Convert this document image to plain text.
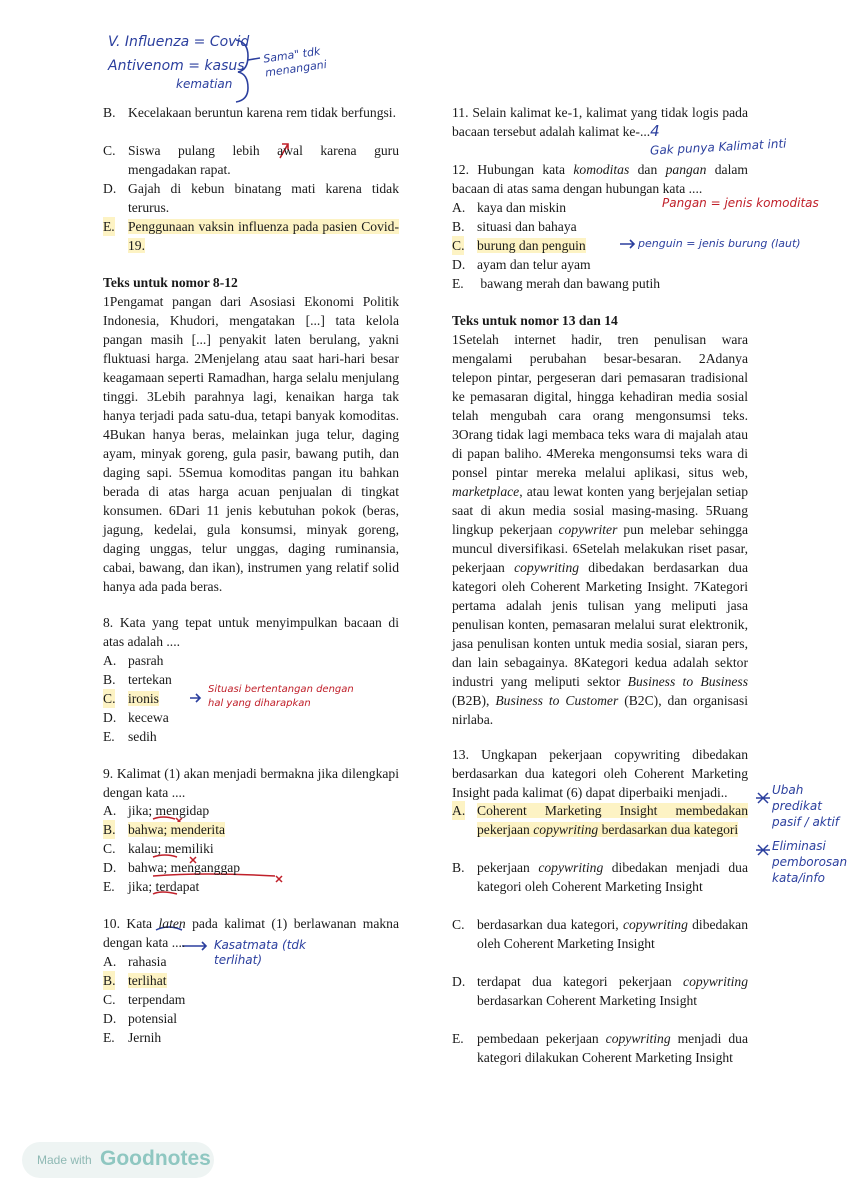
V. Influenza = Covid
Antivenom = kasus
kematian
Sama" tdk menangani
B. Kecelakaan beruntun karena rem tidak berfungsi.
C. Siswa pulang lebih awal karena guru mengadakan rapat.
D. Gajah di kebun binatang mati karena tidak terurus.
E. Penggunaan vaksin influenza pada pasien Covid-19.
Teks untuk nomor 8-12
1Pengamat pangan dari Asosiasi Ekonomi Politik Indonesia, Khudori, mengatakan [...] tata kelola pangan masih [...] penyakit laten berulang, yakni fluktuasi harga. 2Menjelang atau saat hari-hari besar keagamaan seperti Ramadhan, harga selalu menjulang tinggi. 3Lebih parahnya lagi, kenaikan harga tak hanya terjadi pada satu-dua, tetapi banyak komoditas. 4Bukan hanya beras, melainkan juga telur, daging ayam, minyak goreng, gula pasir, bawang putih, dan daging sapi. 5Semua komoditas pangan itu bahkan berada di atas harga acuan penjualan di tingkat konsumen. 6Dari 11 jenis kebutuhan pokok (beras, jagung, kedelai, gula konsumsi, minyak goreng, daging unggas, telur unggas, daging ruminansia, cabai, bawang, dan ikan), instrumen yang relatif solid hanya ada pada beras.
8. Kata yang tepat untuk menyimpulkan bacaan di atas adalah ....
A. pasrah
B. tertekan
C. ironis
D. kecewa
E. sedih
9. Kalimat (1) akan menjadi bermakna jika dilengkapi dengan kata ....
A. jika; mengidap
B. bahwa; menderita
C. kalau; memiliki
D. bahwa; menganggap
E. jika; terdapat
10. Kata laten pada kalimat (1) berlawanan makna dengan kata ....
A. rahasia
B. terlihat
C. terpendam
D. potensial
E. Jernih
Situasi bertentangan dengan hal yang diharapkan
Kasatmata (tdk terlihat)
11. Selain kalimat ke-1, kalimat yang tidak logis pada bacaan tersebut adalah kalimat ke-...4
12. Hubungan kata komoditas dan pangan dalam bacaan di atas sama dengan hubungan kata ....
A. kaya dan miskin
B. situasi dan bahaya
C. burung dan penguin
D. ayam dan telur ayam
E. bawang merah dan bawang putih
Teks untuk nomor 13 dan 14
1Setelah internet hadir, tren penulisan wara mengalami perubahan besar-besaran. 2Adanya telepon pintar, pergeseran dari pemasaran tradisional ke pemasaran digital, hingga kehadiran media sosial telah mengubah cara orang mengonsumsi teks. 3Orang tidak lagi membaca teks wara di majalah atau di papan baliho. 4Mereka mengonsumsi teks wara di ponsel pintar mereka melalui aplikasi, situs web, marketplace, atau lewat konten yang berjejalan setiap saat di akun media sosial masing-masing. 5Ruang lingkup pekerjaan copywriter pun melebar sehingga muncul diversifikasi. 6Setelah melakukan riset pasar, pekerjaan copywriting dibedakan berdasarkan dua kategori oleh Coherent Marketing Insight. 7Kategori pertama adalah jenis tulisan yang meliputi jasa penulisan konten, pemasaran melalui surat elektronik, jasa penulisan konten untuk media sosial, siaran pers, dan lain sebagainya. 8Kategori kedua adalah sektor industri yang meliputi sektor Business to Business (B2B), Business to Customer (B2C), dan organisasi nirlaba.
13. Ungkapan pekerjaan copywriting dibedakan berdasarkan dua kategori oleh Coherent Marketing Insight pada kalimat (6) dapat diperbaiki menjadi..
A. Coherent Marketing Insight membedakan pekerjaan copywriting berdasarkan dua kategori
B. pekerjaan copywriting dibedakan menjadi dua kategori oleh Coherent Marketing Insight
C. berdasarkan dua kategori, copywriting dibedakan oleh Coherent Marketing Insight
D. terdapat dua kategori pekerjaan copywriting berdasarkan Coherent Marketing Insight
E. pembedaan pekerjaan copywriting menjadi dua kategori dilakukan Coherent Marketing Insight
Gak punya Kalimat inti
Pangan = jenis komoditas
penguin = jenis burung (laut)
Ubah predikat pasif / aktif
Eliminasi pemborosan kata/info
Made with Goodnotes
